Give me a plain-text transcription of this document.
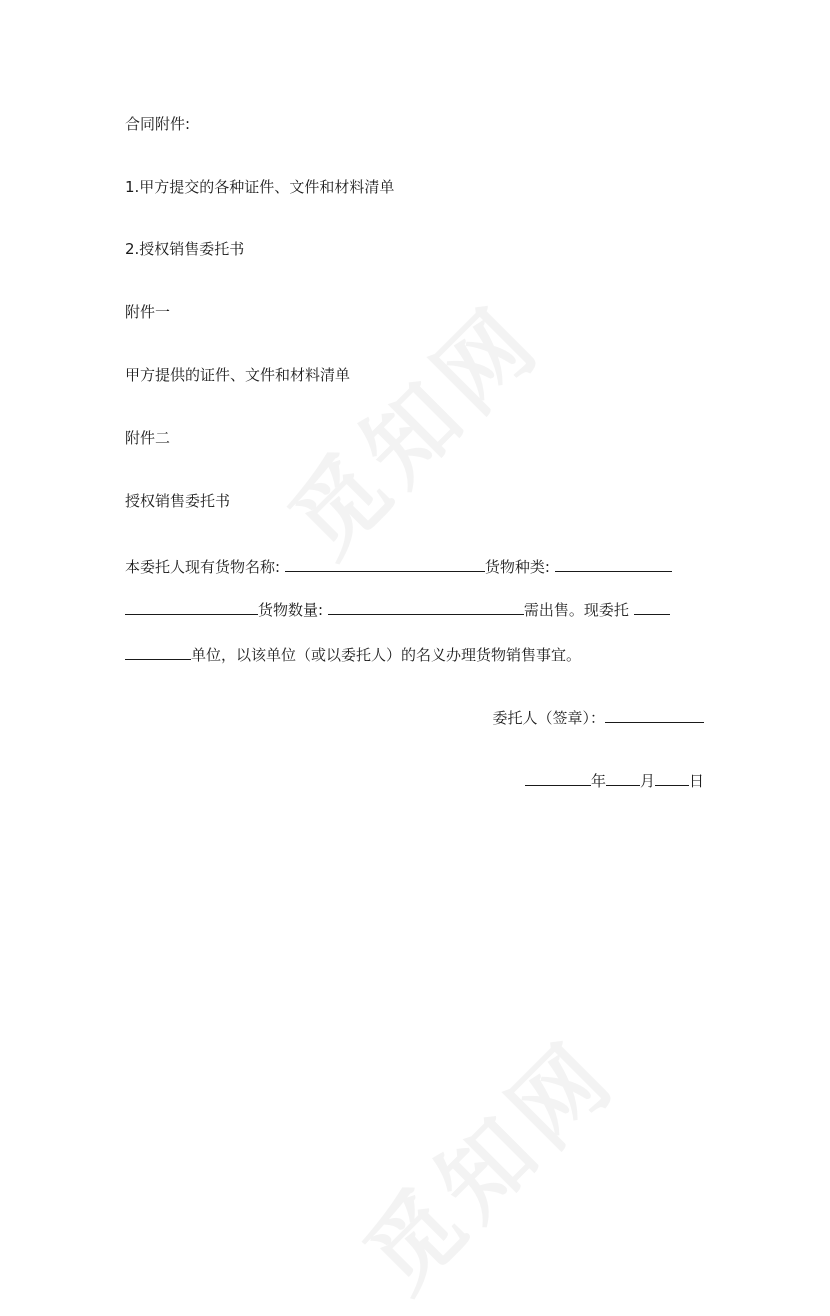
合同附件:
1.甲方提交的各种证件、文件和材料清单
2.授权销售委托书
附件一
甲方提供的证件、文件和材料清单
附件二
授权销售委托书
本委托人现有货物名称:	货物种类:
货物数量:	需出售。现委托
单位，以该单位（或以委托人）的名义办理货物销售事宜。
委托人（签章）：
年 月 日
